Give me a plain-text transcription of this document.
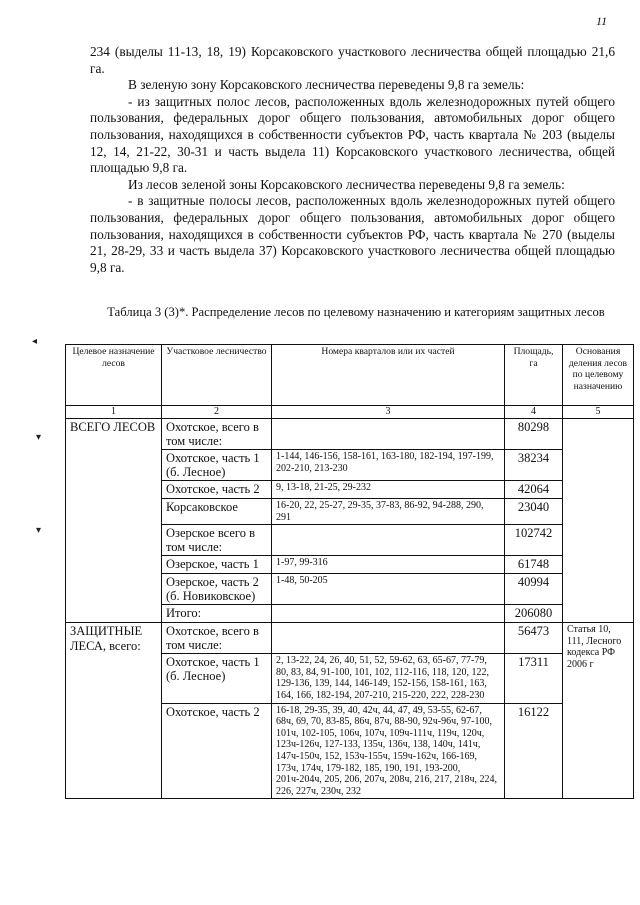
11

234 (выделы 11-13, 18, 19) Корсаковского участкового лесничества общей площадью 21,6 га.

В зеленую зону Корсаковского лесничества переведены 9,8 га земель:

- из защитных полос лесов, расположенных вдоль железнодорожных путей общего пользования, федеральных дорог общего пользования, автомобильных дорог общего пользования, находящихся в собственности субъектов РФ, часть квартала № 203 (выделы 12, 14, 21-22, 30-31 и часть выдела 11) Корсаковского участкового лесничества, общей площадью 9,8 га.

Из лесов зеленой зоны Корсаковского лесничества переведены 9,8 га земель:

- в защитные полосы лесов, расположенных вдоль железнодорожных путей общего пользования, федеральных дорог общего пользования, автомобильных дорог общего пользования, находящихся в собственности субъектов РФ, часть квартала № 270 (выделы 21, 28-29, 33 и часть выдела 37) Корсаковского участкового лесничества общей площадью 9,8 га.

Таблица 3 (3)*. Распределение лесов по целевому назначению и категориям защитных лесов
◂
▾
▾
Целевое назначение лесов	Участковое лесничество	Номера кварталов или их частей	Площадь, га	Основания деления лесов по целевому назначению
1	2	3	4	5
ВСЕГО ЛЕСОВ	Охотское, всего в том числе:		80298	
	Охотское, часть 1 (б. Лесное)	1-144, 146-156, 158-161, 163-180, 182-194, 197-199, 202-210, 213-230	38234	
	Охотское, часть 2	9, 13-18, 21-25, 29-232	42064	
	Корсаковское	16-20, 22, 25-27, 29-35, 37-83, 86-92, 94-288, 290, 291	23040	
	Озерское всего в том числе:		102742	
	Озерское, часть 1	1-97, 99-316	61748	
	Озерское, часть 2 (б. Новиковское)	1-48, 50-205	40994	
	Итого:		206080	
ЗАЩИТНЫЕ ЛЕСА, всего:	Охотское, всего в том числе:		56473	Статья 10, 111, Лесного кодекса РФ 2006 г
	Охотское, часть 1 (б. Лесное)	2, 13-22, 24, 26, 40, 51, 52, 59-62, 63, 65-67, 77-79, 80, 83, 84, 91-100, 101, 102, 112-116, 118, 120, 122, 129-136, 139, 144, 146-149, 152-156, 158-161, 163, 164, 166, 182-194, 207-210, 215-220, 222, 228-230	17311	
	Охотское, часть 2	16-18, 29-35, 39, 40, 42ч, 44, 47, 49, 53-55, 62-67, 68ч, 69, 70, 83-85, 86ч, 87ч, 88-90, 92ч-96ч, 97-100, 101ч, 102-105, 106ч, 107ч, 109ч-111ч, 119ч, 120ч, 123ч-126ч, 127-133, 135ч, 136ч, 138, 140ч, 141ч, 147ч-150ч, 152, 153ч-155ч, 159ч-162ч, 166-169, 173ч, 174ч, 179-182, 185, 190, 191, 193-200, 201ч-204ч, 205, 206, 207ч, 208ч, 216, 217, 218ч, 224, 226, 227ч, 230ч, 232	16122	
